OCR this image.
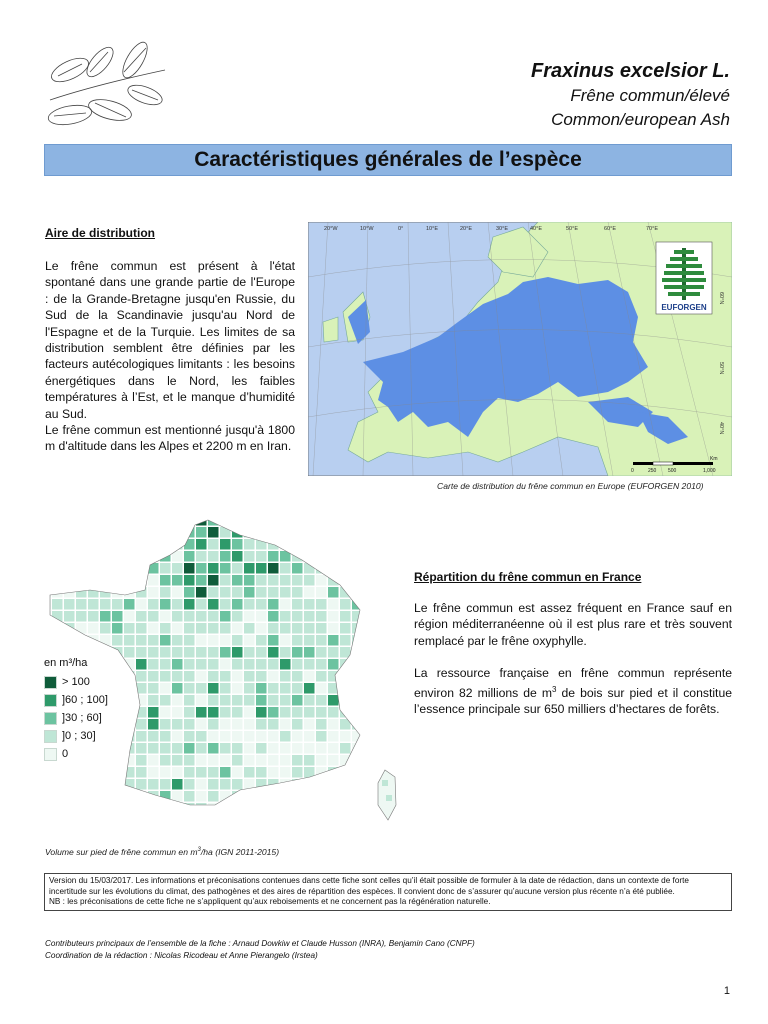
Fraxinus excelsior L.
Frêne commun/élevé
Common/european Ash
Caractéristiques générales de l’espèce
Aire de distribution

Le frêne commun est présent à l'état spontané dans une grande partie de l'Europe : de la Grande-Bretagne jusqu'en Russie, du Sud de la Scandinavie jusqu'au Nord de l'Espagne et de la Turquie. Les limites de sa distribution semblent être définies par les facteurs autécologiques limitants : les besoins énergétiques dans le Nord, les faibles températures à l’Est, et le manque d’humidité au Sud.

Le frêne commun est mentionné jusqu'à 1800 m d'altitude dans les Alpes et 2200 m en Iran.

20°W	10°W	0°	10°E	20°E	30°E	40°E	50°E	60°E	70°E
60°N
50°N
40°N
EUFORGEN
0	250 500	1,000
Km
Carte de distribution du frêne commun en Europe (EUFORGEN 2010)
en m³/ha
> 100
]60 ; 100]
]30 ; 60]
]0 ; 30]
0
Volume sur pied de frêne commun en $m^3/ha$ (IGN 2011-2015)
Répartition du frêne commun en France

Le frêne commun est assez fréquent en France sauf en région méditerranéenne où il est plus rare et très souvent remplacé par le frêne oxyphylle.

La ressource française en frêne commun représente environ 82 millions de $m^3$ de bois sur pied et il constitue l’essence principale sur 650 milliers d’hectares de forêts.

Version du 15/03/2017. Les informations et préconisations contenues dans cette fiche sont celles qu’il était possible de formuler à la date de rédaction, dans un contexte de forte incertitude sur les évolutions du climat, des pathogènes et des aires de répartition des espèces. Il convient donc de s’assurer qu’aucune version plus récente n’a été publiée.
NB : les préconisations de cette fiche ne s’appliquent qu’aux reboisements et ne concernent pas la régénération naturelle.
Contributeurs principaux de l’ensemble de la fiche : Arnaud Dowkiw et Claude Husson (INRA), Benjamin Cano (CNPF)
Coordination de la rédaction : Nicolas Ricodeau et Anne Pierangelo (Irstea)
1
